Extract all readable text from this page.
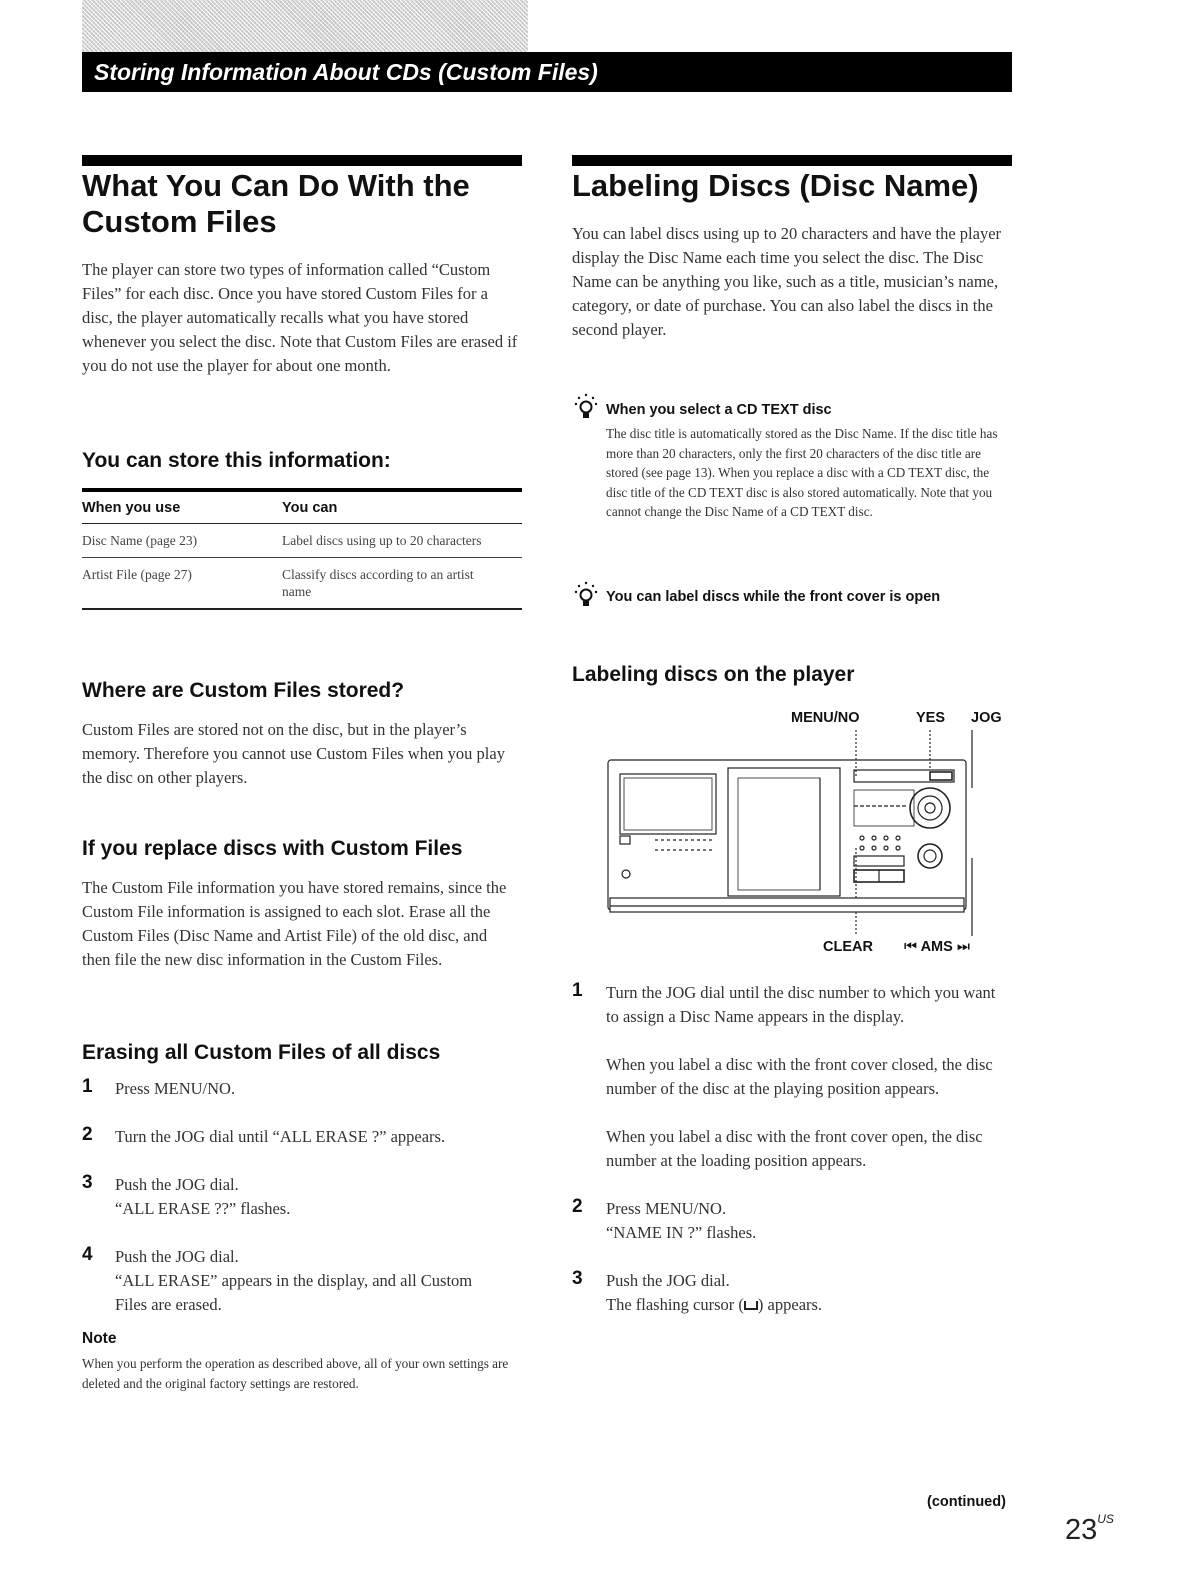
Storing Information About CDs (Custom Files)
What You Can Do With the Custom Files

The player can store two types of information called “Custom Files” for each disc. Once you have stored Custom Files for a disc, the player automatically recalls what you have stored whenever you select the disc. Note that Custom Files are erased if you do not use the player for about one month.

You can store this information:
When you use	You can
Disc Name (page 23)	Label discs using up to 20 characters
Artist File (page 27)	Classify discs according to an artist name
Where are Custom Files stored?

Custom Files are stored not on the disc, but in the player’s memory. Therefore you cannot use Custom Files when you play the disc on other players.

If you replace discs with Custom Files

The Custom File information you have stored remains, since the Custom File information is assigned to each slot. Erase all the Custom Files (Disc Name and Artist File) of the old disc, and then file the new disc information in the Custom Files.

Erasing all Custom Files of all discs
1 Press MENU/NO.

2 Turn the JOG dial until “ALL ERASE ?” appears.

3 Push the JOG dial.

“ALL ERASE ??” flashes.

4 Push the JOG dial.

“ALL ERASE” appears in the display, and all Custom Files are erased.

Note

When you perform the operation as described above, all of your own settings are deleted and the original factory settings are restored.

Labeling Discs (Disc Name)

You can label discs using up to 20 characters and have the player display the Disc Name each time you select the disc. The Disc Name can be anything you like, such as a title, musician’s name, category, or date of purchase. You can also label the discs in the second player.

When you select a CD TEXT disc

The disc title is automatically stored as the Disc Name. If the disc title has more than 20 characters, only the first 20 characters of the disc title are stored (see page 13). When you replace a disc with a CD TEXT disc, the disc title of the CD TEXT disc is also stored automatically. Note that you cannot change the Disc Name of a CD TEXT disc.

You can label discs while the front cover is open
Labeling discs on the player
MENU/NO	YES JOG
CLEAR ⏮ AMS ⏭
1 Turn the JOG dial until the disc number to which you want to assign a Disc Name appears in the display.

When you label a disc with the front cover closed, the disc number of the disc at the playing position appears.

When you label a disc with the front cover open, the disc number at the loading position appears.

2 Press MENU/NO.

“NAME IN ?” flashes.

3 Push the JOG dial.

The flashing cursor ( ) appears.

(continued)
$23^{US}$
